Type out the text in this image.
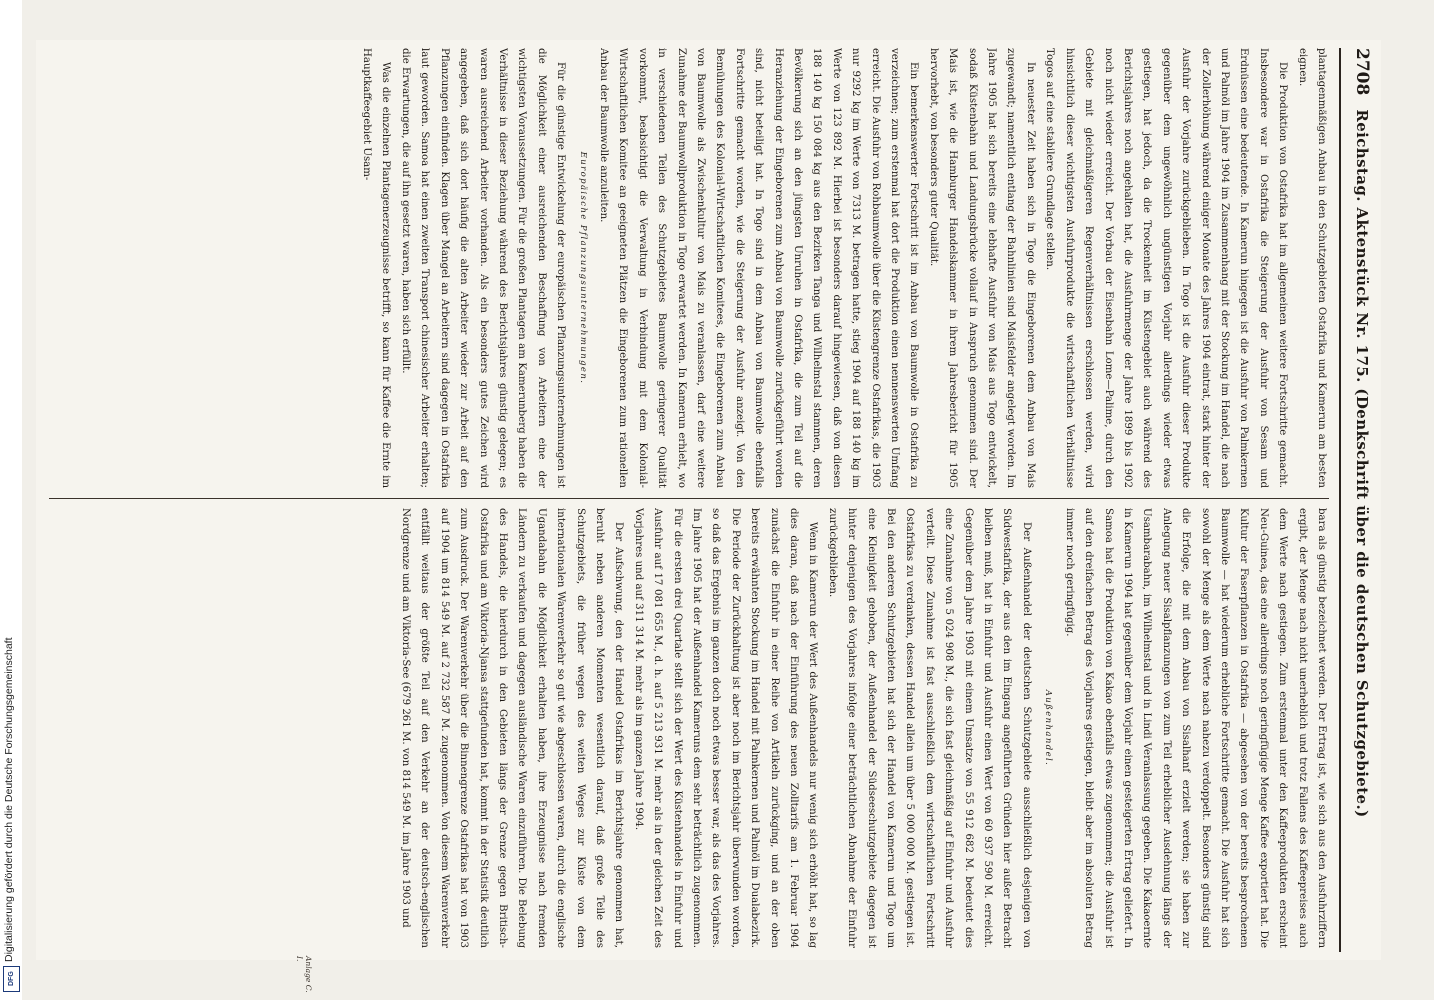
2708
Reichstag. Aktenstück Nr. 175. (Denkschrift über die deutschen Schutzgebiete.)

plantagenmäßigen Anbau in den Schutzgebieten Ostafrika und Kamerun am besten eignen.

Die Produktion von Ostafrika hat im allgemeinen weitere Fortschritte gemacht. Insbesondere war in Ostafrika die Steigerung der Ausfuhr von Sesam und Erdnüssen eine bedeutende. In Kamerun hingegen ist die Ausfuhr von Palmkernen und Palmöl im Jahre 1904 im Zusammenhang mit der Stockung im Handel, die nach der Zollerhöhung während einiger Monate des Jahres 1904 eintrat, stark hinter der Ausfuhr der Vorjahre zurückgeblieben. In Togo ist die Ausfuhr dieser Produkte gegenüber dem ungewöhnlich ungünstigen Vorjahr allerdings wieder etwas gestiegen, hat jedoch, da die Trockenheit im Küstengebiet auch während des Berichtsjahres noch angehalten hat, die Ausfuhrmenge der Jahre 1899 bis 1902 noch nicht wieder erreicht. Der Vorbau der Eisenbahn Lome—Palime, durch den Gebiete mit gleichmäßigeren Regenverhältnissen erschlossen werden, wird hinsichtlich dieser wichtigsten Ausfuhrprodukte die wirtschaftlichen Verhältnisse Togos auf eine stabilere Grundlage stellen.

In neuester Zeit haben sich in Togo die Eingeborenen dem Anbau von Mais zugewandt; namentlich entlang der Bahnlinien sind Maisfelder angelegt worden. Im Jahre 1905 hat sich bereits eine lebhafte Ausfuhr von Mais aus Togo entwickelt, sodaß Küstenbahn und Landungsbrücke vollauf in Anspruch genommen sind. Der Mais ist, wie die Hamburger Handelskammer in ihrem Jahresbericht für 1905 hervorhebt, von besonders guter Qualität.

Ein bemerkenswerter Fortschritt ist im Anbau von Baumwolle in Ostafrika zu verzeichnen; zum erstenmal hat dort die Produktion einen nennenswerten Umfang erreicht. Die Ausfuhr von Rohbaumwolle über die Küstengrenze Ostafrikas, die 1903 nur 9292 kg im Werte von 7313 M. betragen hatte, stieg 1904 auf 188 140 kg im Werte von 123 892 M. Hierbei ist besonders darauf hingewiesen, daß von diesen 188 140 kg 150 084 kg aus den Bezirken Tanga und Wilhelmstal stammen, deren Bevölkerung sich an den jüngsten Unruhen in Ostafrika, die zum Teil auf die Heranziehung der Eingeborenen zum Anbau von Baumwolle zurückgeführt worden sind, nicht beteiligt hat. In Togo sind in dem Anbau von Baumwolle ebenfalls Fortschritte gemacht worden, wie die Steigerung der Ausfuhr anzeigt. Von den Bemühungen des Kolonial-Wirtschaftlichen Komitees, die Eingeborenen zum Anbau von Baumwolle als Zwischenkultur von Mais zu veranlassen, darf eine weitere Zunahme der Baumwollproduktion in Togo erwartet werden. In Kamerun erhielt, wo in verschiedenen Teilen des Schutzgebietes Baumwolle geringerer Qualität vorkommt, beabsichtigt die Verwaltung in Verbindung mit dem Kolonial-Wirtschaftlichen Komitee an geeigneten Plätzen die Eingeborenen zum rationellen Anbau der Baumwolle anzuleiten.

Europäische Pflanzungsunternehmungen.

Für die günstige Entwickelung der europäischen Pflanzungsunternehmungen ist die Möglichkeit einer ausreichenden Beschaffung von Arbeitern eine der wichtigsten Voraussetzungen. Für die großen Plantagen am Kamerunberg haben die Verhältnisse in dieser Beziehung während des Berichtsjahres günstig gelegen; es waren ausreichend Arbeiter vorhanden. Als ein besonders gutes Zeichen wird angegeben, daß sich dort häufig die alten Arbeiter wieder zur Arbeit auf den Pflanzungen einfinden. Klagen über Mangel an Arbeitern sind dagegen in Ostafrika laut geworden. Samoa hat einen zweiten Transport chinesischer Arbeiter erhalten; die Erwartungen, die auf ihn gesetzt waren, haben sich erfüllt.

Was die einzelnen Plantagenerzeugnisse betrifft, so kann für Kaffee die Ernte im Hauptkaffeegebiet Usam-

bara als günstig bezeichnet werden. Der Ertrag ist, wie sich aus den Ausfuhrziffern ergibt, der Menge nach nicht unerheblich und trotz Fallens des Kaffeepreises auch dem Werte nach gestiegen. Zum erstenmal unter den Kaffeeprodukten erscheint Neu-Guinea, das eine allerdings noch geringfügige Menge Kaffee exportiert hat. Die Kultur der Faserpflanzen in Ostafrika — abgesehen von der bereits besprochenen Baumwolle — hat wiederum erhebliche Fortschritte gemacht. Die Ausfuhr hat sich sowohl der Menge als dem Werte nach nahezu verdoppelt. Besonders günstig sind die Erfolge, die mit dem Anbau von Sisalhanf erzielt werden; sie haben zur Anlegung neuer Sisalpflanzungen von zum Teil erheblicher Ausdehnung längs der Usambarabahn, im Wilhelmstal und in Lindi Veranlassung gegeben. Die Kakaoernte in Kamerun 1904 hat gegenüber dem Vorjahr einen gesteigerten Ertrag geliefert. In Samoa hat die Produktion von Kakao ebenfalls etwas zugenommen; die Ausfuhr ist auf den dreifachen Betrag des Vorjahres gestiegen, bleibt aber im absoluten Betrag immer noch geringfügig.

Außenhandel.

Der Außenhandel der deutschen Schutzgebiete ausschließlich desjenigen von Südwestafrika, der aus den im Eingang angeführten Gründen hier außer Betracht bleiben muß, hat in Einfuhr und Ausfuhr einen Wert von 60 937 590 M. erreicht. Gegenüber dem Jahre 1903 mit einem Umsatze von 55 912 682 M. bedeutet dies eine Zunahme von 5 024 908 M., die sich fast gleichmäßig auf Einfuhr und Ausfuhr verteilt. Diese Zunahme ist fast ausschließlich dem wirtschaftlichen Fortschritt Ostafrikas zu verdanken, dessen Handel allein um über 5 000 000 M. gestiegen ist. Bei den anderen Schutzgebieten hat sich der Handel von Kamerun und Togo um eine Kleinigkeit gehoben, der Außenhandel der Südseeschutzgebiete dagegen ist hinter denjenigen des Vorjahres infolge einer beträchtlichen Abnahme der Einfuhr zurückgeblieben.

Wenn in Kamerun der Wert des Außenhandels nur wenig sich erhöht hat, so lag dies daran, daß nach der Einführung des neuen Zolltarifs am 1. Februar 1904 zunächst die Einfuhr in einer Reihe von Artikeln zurückging, und an der oben bereits erwähnten Stockung im Handel mit Palmkernen und Palmöl im Dualabezirk. Die Periode der Zurückhaltung ist aber noch im Berichtsjahr überwunden worden, so daß das Ergebnis im ganzen doch noch etwas besser war, als das des Vorjahres. Im Jahre 1905 hat der Außenhandel Kameruns dem sehr beträchtlich zugenommen. Für die ersten drei Quartale stellt sich der Wert des Küstenhandels in Einfuhr und Ausfuhr auf 17 081 655 M., d. h. auf 5 213 931 M. mehr als in der gleichen Zeit des Vorjahres und auf 311 314 M. mehr als im ganzen Jahre 1904.

Der Aufschwung, den der Handel Ostafrikas im Berichtsjahre genommen hat, beruht neben anderen Momenten wesentlich darauf, daß große Teile des Schutzgebiets, die früher wegen des weiten Weges zur Küste von dem internationalen Warenverkehr so gut wie abgeschlossen waren, durch die englische Ugandabahn die Möglichkeit erhalten haben, ihre Erzeugnisse nach fremden Ländern zu verkaufen und dagegen ausländische Waren einzuführen. Die Belebung des Handels, die hierdurch in den Gebieten längs der Grenze gegen Britisch-Ostafrika und am Viktoria-Njansa stattgefunden hat, kommt in der Statistik deutlich zum Ausdruck. Der Warenverkehr über die Binnengrenze Ostafrikas hat von 1903 auf 1904 um 814 549 M. auf 2 732 587 M. zugenommen. Von diesem Warenverkehr entfällt weitaus der größte Teil auf den Verkehr an der deutsch-englischen Nordgrenze und am Viktoria-See (679 261 M. von 814 549 M. im Jahre 1903 und

Anlage C. I.
Digitalisierung gefördert durch die Deutsche Forschungsgemeinschaft
DFG
